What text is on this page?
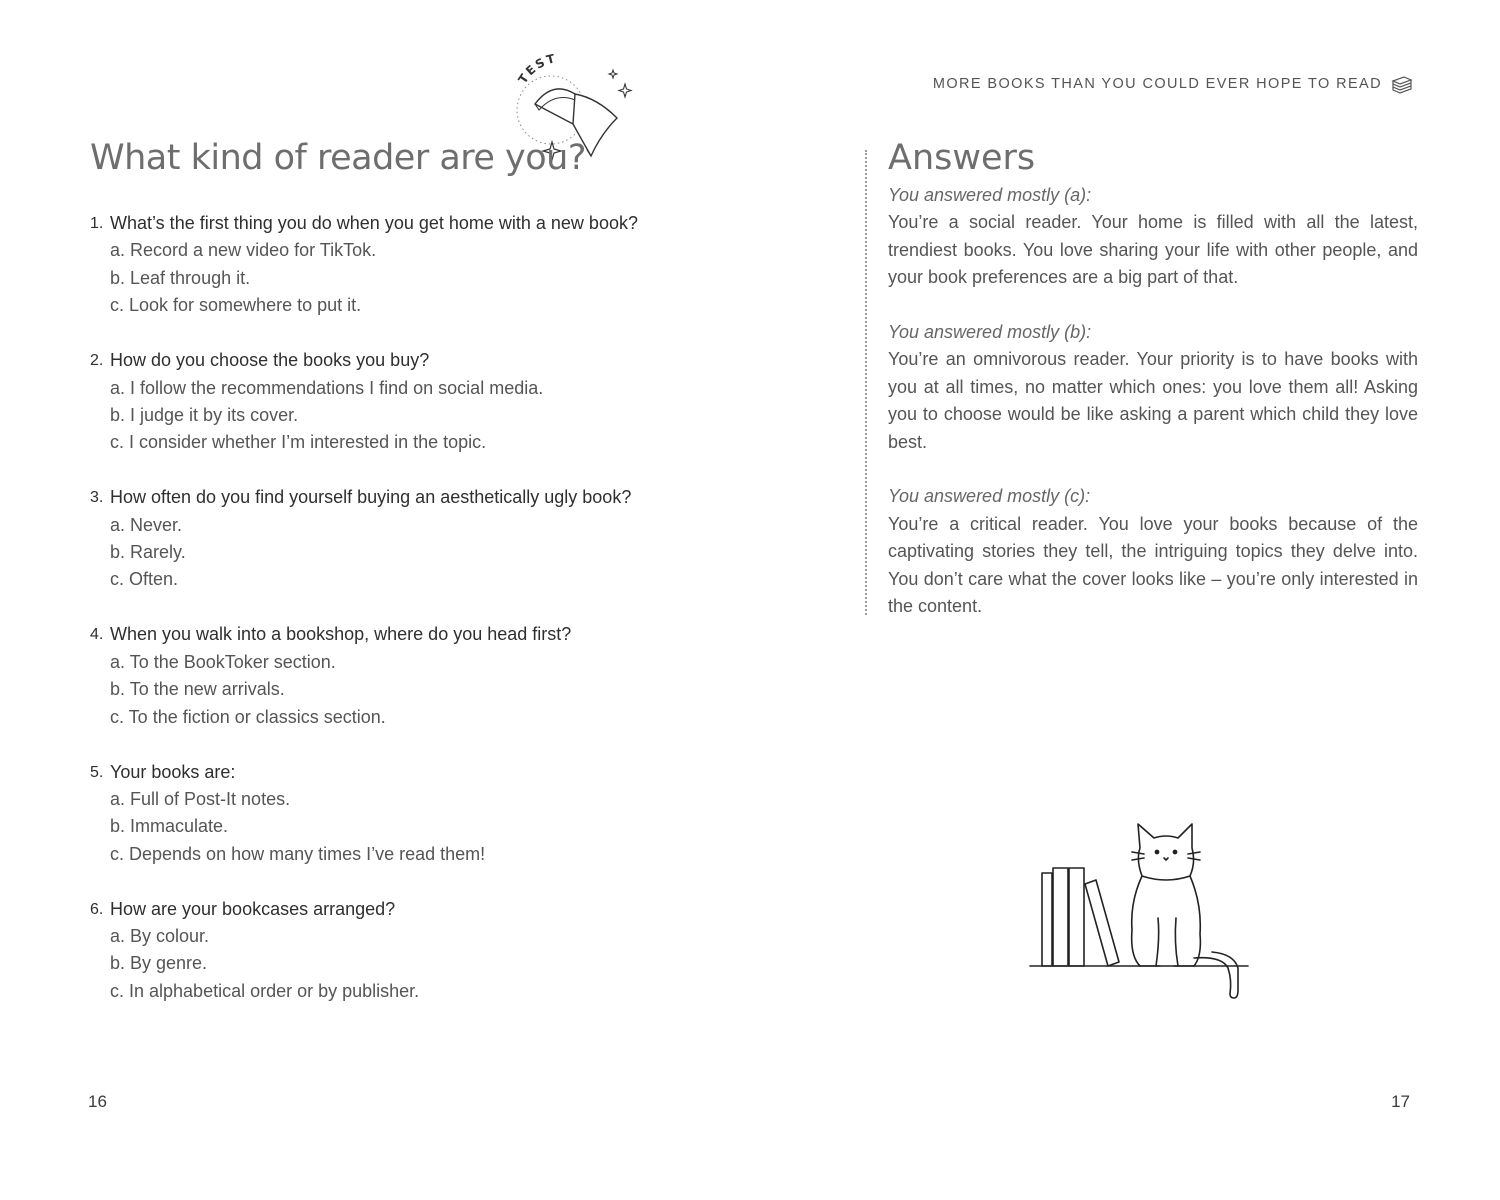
TEST
What kind of reader are you?
1. What’s the first thing you do when you get home with a new book?
a. Record a new video for TikTok.
b. Leaf through it.
c. Look for somewhere to put it.
2. How do you choose the books you buy?
a. I follow the recommendations I find on social media.
b. I judge it by its cover.
c. I consider whether I’m interested in the topic.
3. How often do you find yourself buying an aesthetically ugly book?
a. Never.
b. Rarely.
c. Often.
4. When you walk into a bookshop, where do you head first?
a. To the BookToker section.
b. To the new arrivals.
c. To the fiction or classics section.
5. Your books are:
a. Full of Post-It notes.
b. Immaculate.
c. Depends on how many times I’ve read them!
6. How are your bookcases arranged?
a. By colour.
b. By genre.
c. In alphabetical order or by publisher.
16
MORE BOOKS THAN YOU COULD EVER HOPE TO READ
Answers
You answered mostly (a):
You’re a social reader. Your home is filled with all the latest, trendiest books. You love sharing your life with other people, and your book preferences are a big part of that.
You answered mostly (b):
You’re an omnivorous reader. Your priority is to have books with you at all times, no matter which ones: you love them all! Asking you to choose would be like asking a parent which child they love best.
You answered mostly (c):
You’re a critical reader. You love your books because of the captivating stories they tell, the intriguing topics they delve into. You don’t care what the cover looks like – you’re only interested in the content.
17
